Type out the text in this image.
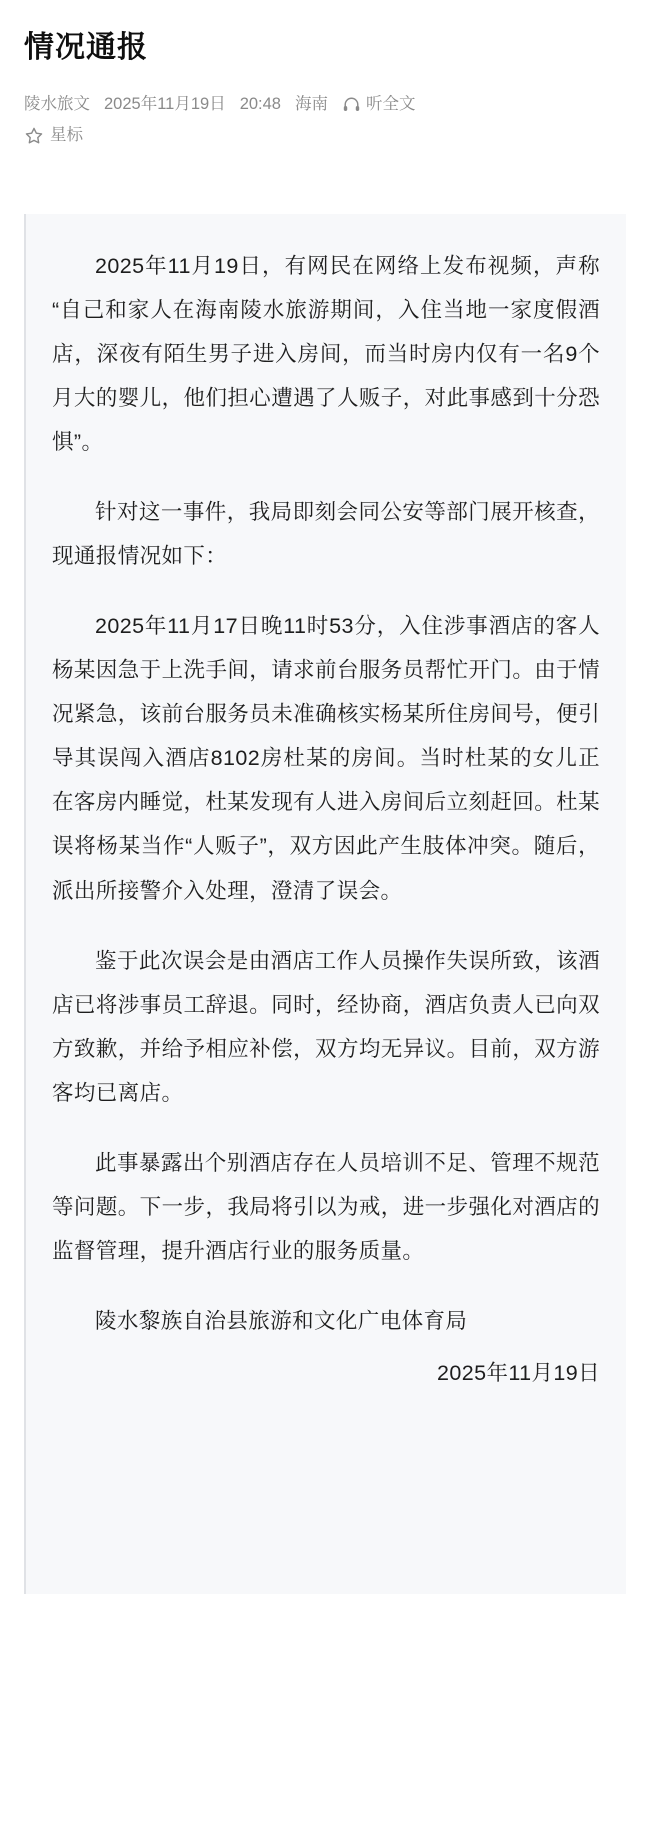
情况通报
陵水旅文 2025年11月19日 20:48 海南 听全文
星标

2025年11月19日，有网民在网络上发布视频，声称“自己和家人在海南陵水旅游期间，入住当地一家度假酒店，深夜有陌生男子进入房间，而当时房内仅有一名9个月大的婴儿，他们担心遭遇了人贩子，对此事感到十分恐惧”。

针对这一事件，我局即刻会同公安等部门展开核查，现通报情况如下：

2025年11月17日晚11时53分，入住涉事酒店的客人杨某因急于上洗手间，请求前台服务员帮忙开门。由于情况紧急，该前台服务员未准确核实杨某所住房间号，便引导其误闯入酒店8102房杜某的房间。当时杜某的女儿正在客房内睡觉，杜某发现有人进入房间后立刻赶回。杜某误将杨某当作“人贩子”，双方因此产生肢体冲突。随后，派出所接警介入处理，澄清了误会。

鉴于此次误会是由酒店工作人员操作失误所致，该酒店已将涉事员工辞退。同时，经协商，酒店负责人已向双方致歉，并给予相应补偿，双方均无异议。目前，双方游客均已离店。

此事暴露出个别酒店存在人员培训不足、管理不规范等问题。下一步，我局将引以为戒，进一步强化对酒店的监督管理，提升酒店行业的服务质量。

陵水黎族自治县旅游和文化广电体育局

2025年11月19日
